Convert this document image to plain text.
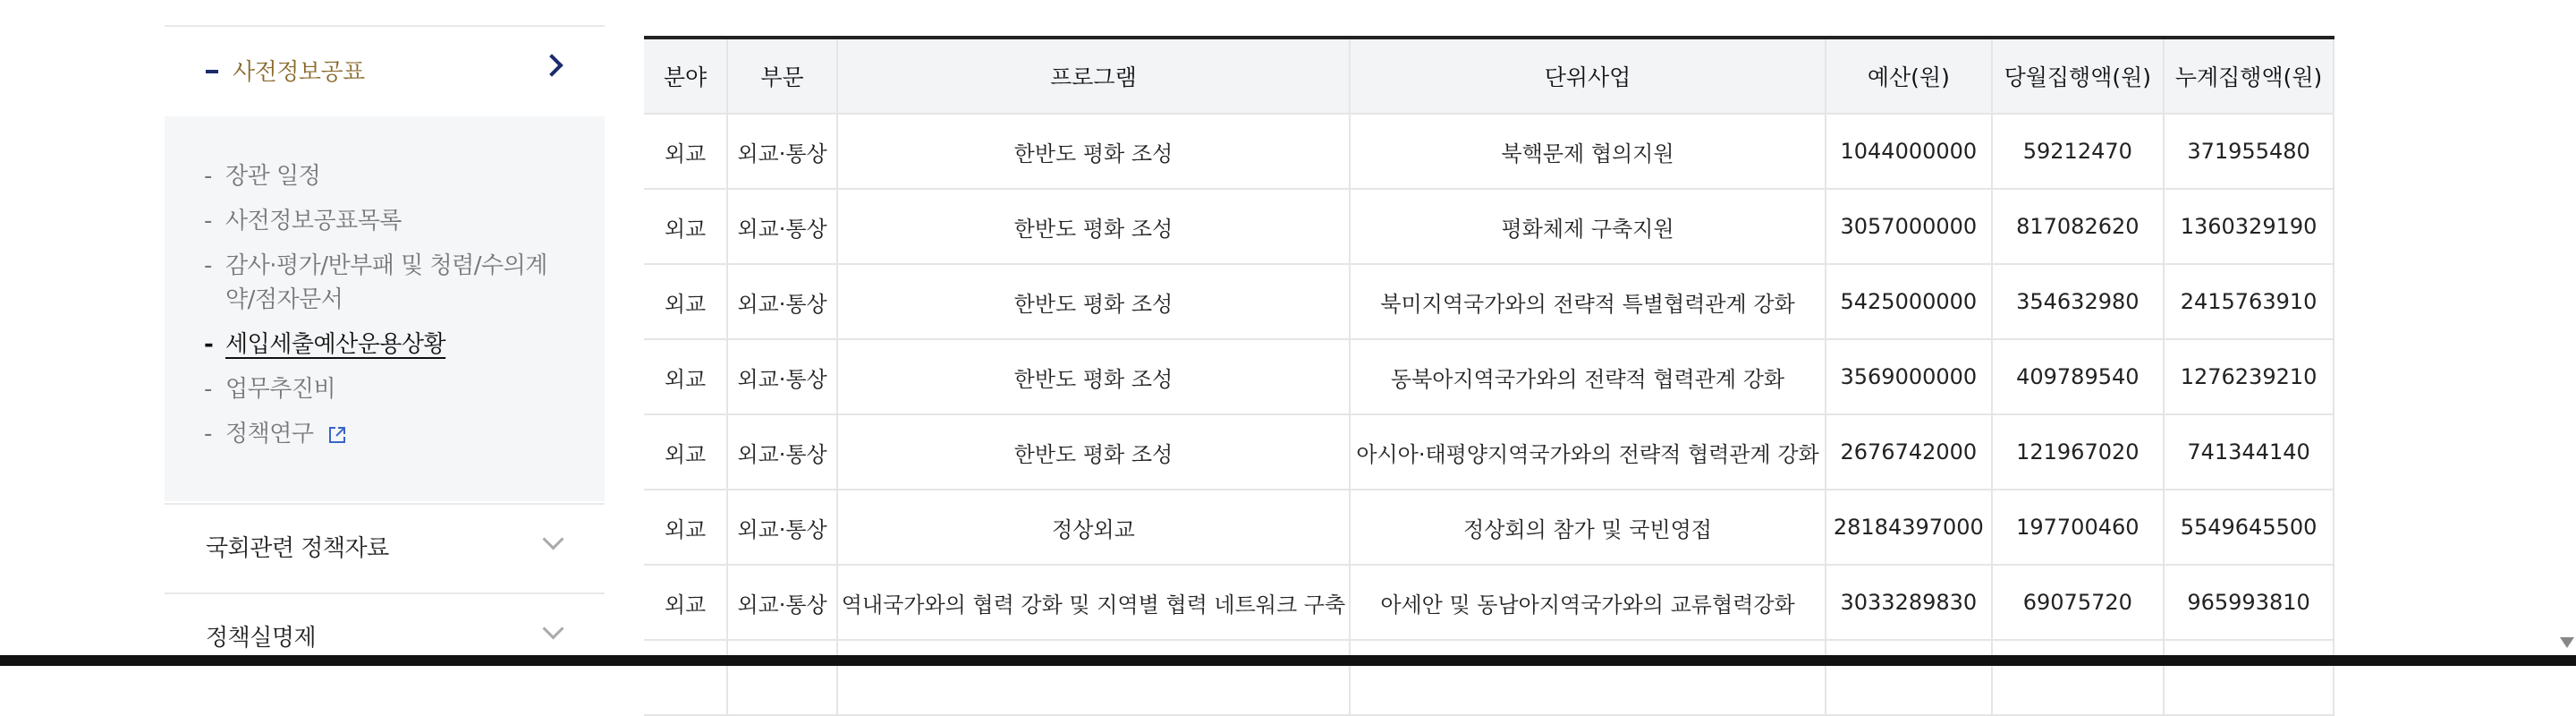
사전정보공표
- 장관 일정
- 사전정보공표목록
- 감사·평가/반부패 및 청렴/수의계약/점자문서
- 세입세출예산운용상황
- 업무추진비
- 정책연구
국회관련 정책자료
정책실명제
분야	부문	프로그램	단위사업	예산(원)	당월집행액(원)	누계집행액(원)
외교	외교·통상	한반도 평화 조성	북핵문제 협의지원	1044000000	59212470	371955480
외교	외교·통상	한반도 평화 조성	평화체제 구축지원	3057000000	817082620	1360329190
외교	외교·통상	한반도 평화 조성	북미지역국가와의 전략적 특별협력관계 강화	5425000000	354632980	2415763910
외교	외교·통상	한반도 평화 조성	동북아지역국가와의 전략적 협력관계 강화	3569000000	409789540	1276239210
외교	외교·통상	한반도 평화 조성	아시아·태평양지역국가와의 전략적 협력관계 강화	2676742000	121967020	741344140
외교	외교·통상	정상외교	정상회의 참가 및 국빈영접	28184397000	197700460	5549645500
외교	외교·통상	역내국가와의 협력 강화 및 지역별 협력 네트워크 구축	아세안 및 동남아지역국가와의 교류협력강화	3033289830	69075720	965993810
